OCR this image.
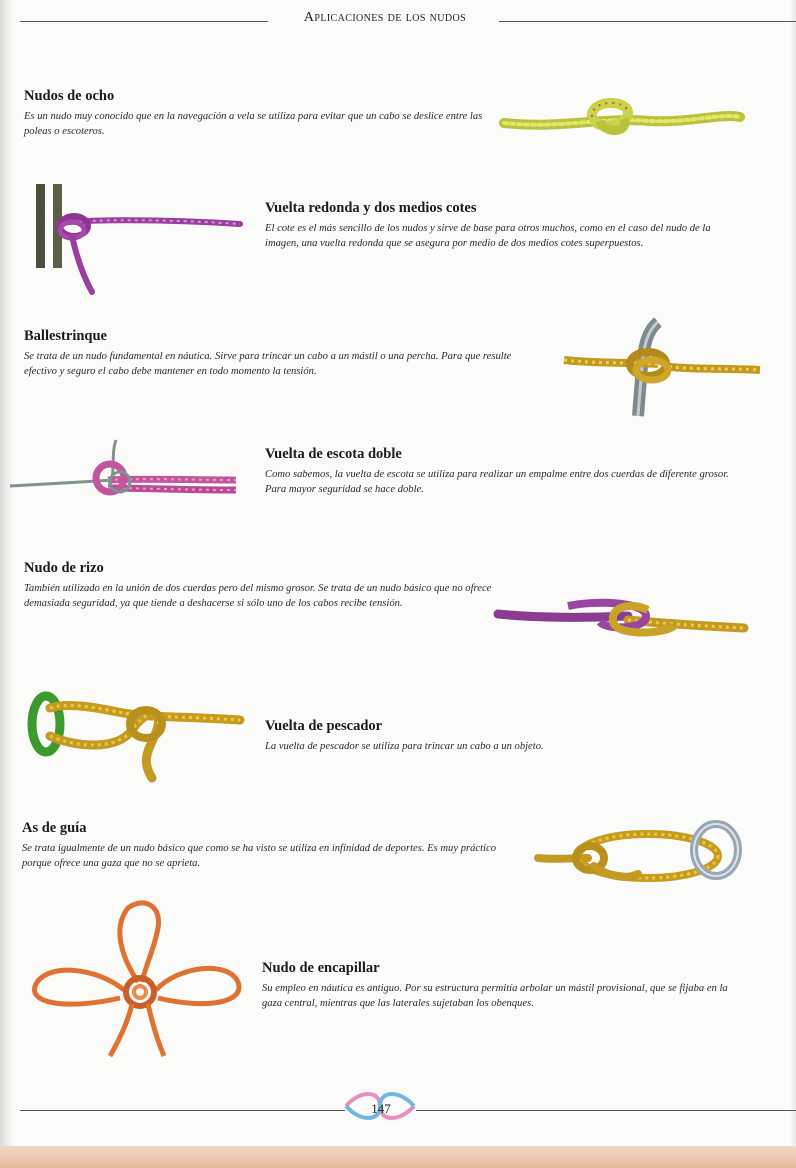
Aplicaciones de los nudos
Nudos de ocho
Es un nudo muy conocido que en la navegación a vela se utiliza para evitar que un cabo se deslice entre las poleas o escoteros.
Vuelta redonda y dos medios cotes
El cote es el más sencillo de los nudos y sirve de base para otros muchos, como en el caso del nudo de la imagen, una vuelta redonda que se asegura por medio de dos medios cotes superpuestos.
Ballestrinque
Se trata de un nudo fundamental en náutica. Sirve para trincar un cabo a un mástil o una percha. Para que resulte efectivo y seguro el cabo debe mantener en todo momento la tensión.
Vuelta de escota doble
Como sabemos, la vuelta de escota se utiliza para realizar un empalme entre dos cuerdas de diferente grosor. Para mayor seguridad se hace doble.
Nudo de rizo
También utilizado en la unión de dos cuerdas pero del mismo grosor. Se trata de un nudo básico que no ofrece demasiada seguridad, ya que tiende a deshacerse si sólo uno de los cabos recibe tensión.
Vuelta de pescador
La vuelta de pescador se utiliza para trincar un cabo a un objeto.
As de guía
Se trata igualmente de un nudo básico que como se ha visto se utiliza en infinidad de deportes. Es muy práctico porque ofrece una gaza que no se aprieta.
Nudo de encapillar
Su empleo en náutica es antiguo. Por su estructura permitía arbolar un mástil provisional, que se fijaba en la gaza central, mientras que las laterales sujetaban los obenques.
147
